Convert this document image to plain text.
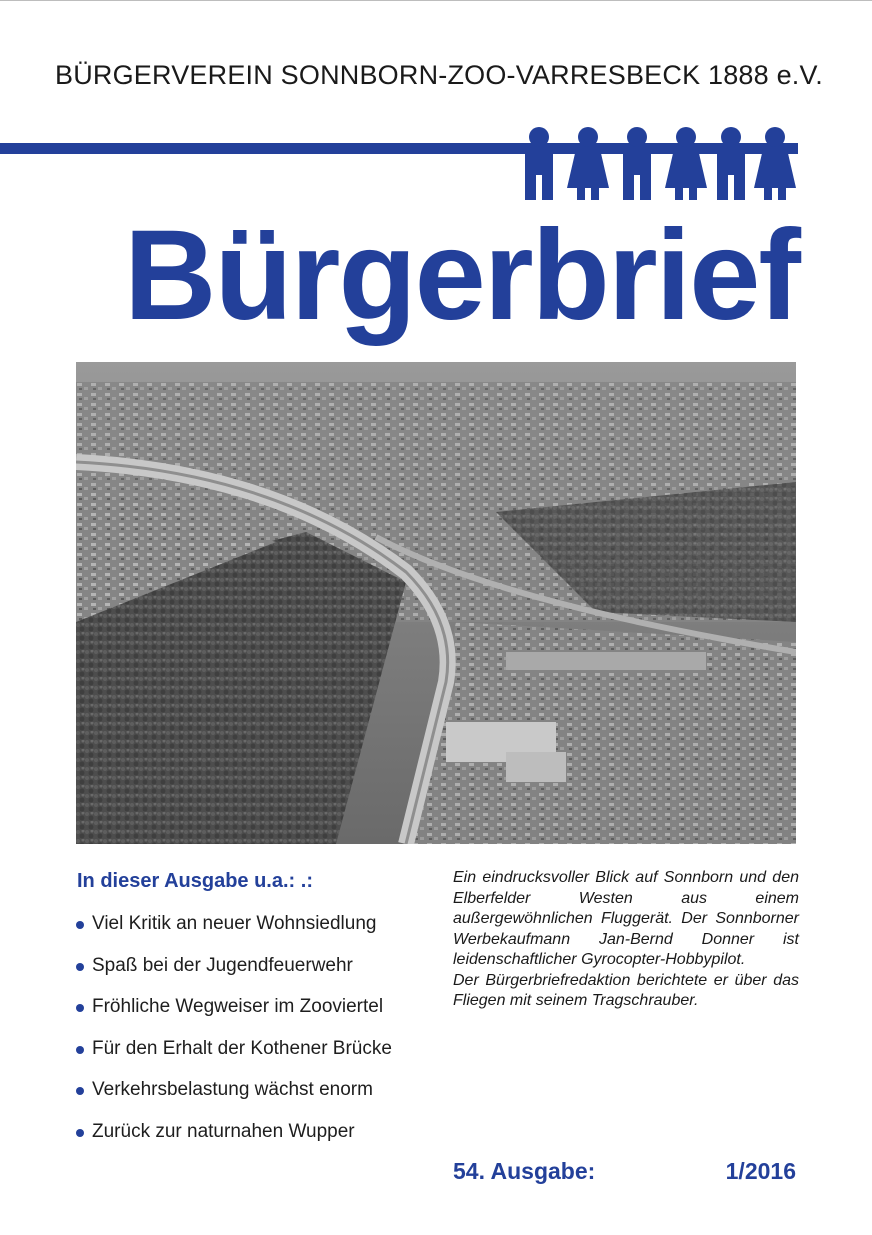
BÜRGERVEREIN SONNBORN-ZOO-VARRESBECK 1888 e.V.
Bürgerbrief
In dieser Ausgabe u.a.: .:
Viel Kritik an neuer Wohnsiedlung
Spaß bei der Jugendfeuerwehr
Fröhliche Wegweiser im Zooviertel
Für den Erhalt der Kothener Brücke
Verkehrsbelastung wächst enorm
Zurück zur naturnahen Wupper

Ein eindrucksvoller Blick auf Sonnborn und den Elberfelder Westen aus einem außergewöhnlichen Fluggerät. Der Sonnborner Werbekaufmann Jan-Bernd Donner ist leidenschaftlicher Gyrocopter-Hobbypilot.

Der Bürgerbriefredaktion berichtete er über das Fliegen mit seinem Tragschrauber.

54. Ausgabe:	1/2016
